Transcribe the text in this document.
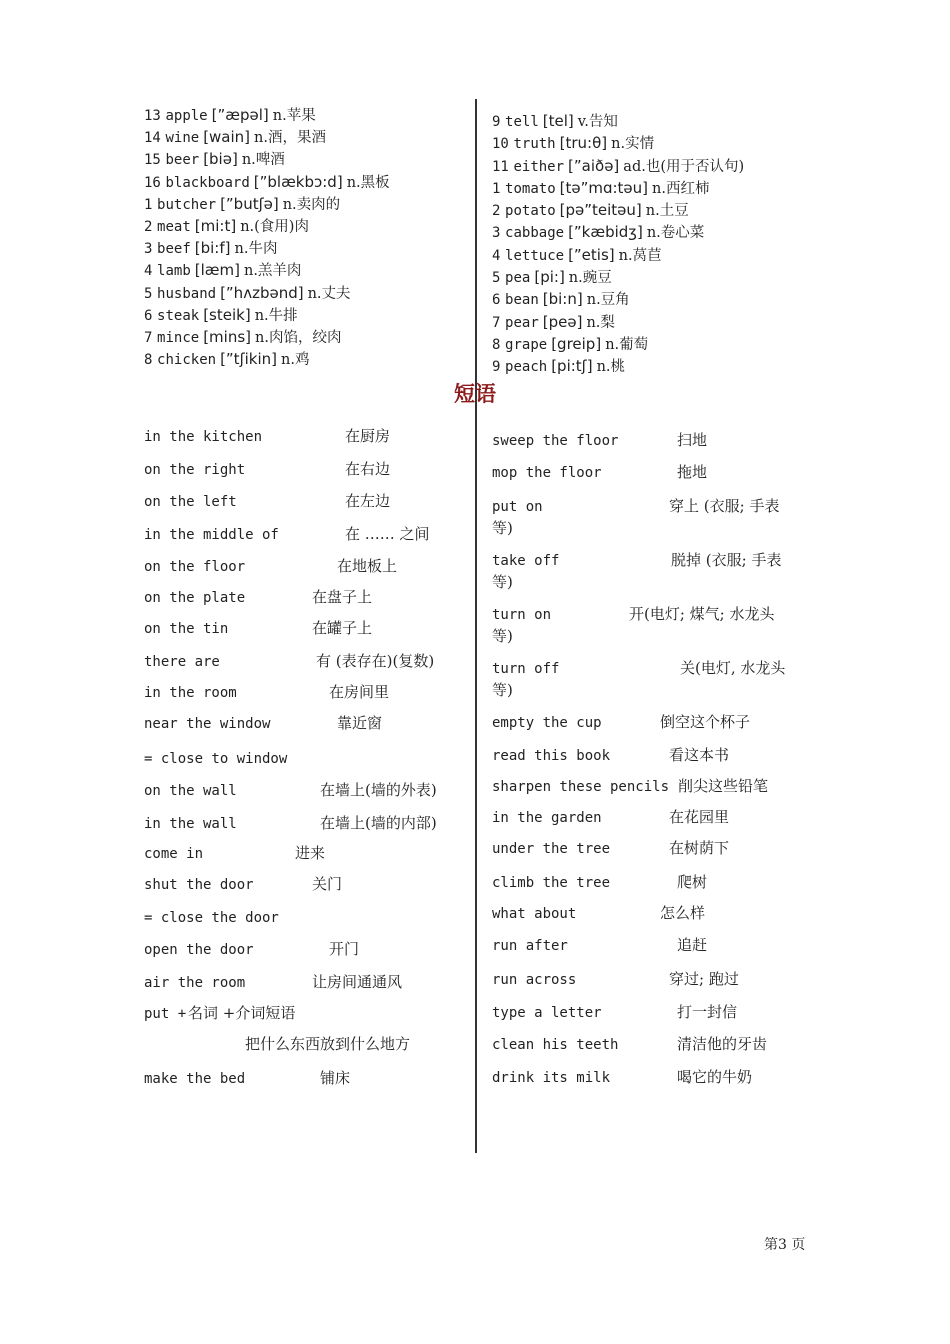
13 apple [”æpəl] n.苹果
14 wine [wain] n.酒，果酒
15 beer [biə] n.啤酒
16 blackboard [”blækbɔ:d] n.黑板
1 butcher [”butʃə] n.卖肉的
2 meat [mi:t] n.(食用)肉
3 beef [bi:f] n.牛肉
4 lamb [læm] n.羔羊肉
5 husband [”hʌzbənd] n.丈夫
6 steak [steik] n.牛排
7 mince [mins] n.肉馅，绞肉
8 chicken [”tʃikin] n.鸡
9 tell [tel] v.告知
10 truth [tru:θ] n.实情
11 either [”aiðə] ad.也(用于否认句)
1 tomato [tə”mɑ:təu] n.西红柿
2 potato [pə”teitəu] n.土豆
3 cabbage [”kæbidʒ] n.卷心菜
4 lettuce [”etis] n.莴苣
5 pea [pi:] n.豌豆
6 bean [bi:n] n.豆角
7 pear [peə] n.梨
8 grape [greip] n.葡萄
9 peach [pi:tʃ] n.桃
短语
in the kitchen	在厨房
on the right	在右边
on the left	在左边
in the middle of	在 …… 之间
on the floor	在地板上
on the plate	在盘子上
on the tin	在罐子上
there are	有 (表存在)(复数)
in the room	在房间里
near the window	靠近窗
= close to window
on the wall	在墙上(墙的外表)
in the wall	在墙上(墙的内部)
come in	进来
shut the door	关门
= close the door
open the door	开门
air the room	让房间通通风
put + 名词 +介词短语
把什么东西放到什么地方
make the bed	铺床
sweep the floor	扫地
mop the floor	拖地
put on	穿上 (衣服; 手表
等)
take off	脱掉 (衣服; 手表
等)
turn on	开(电灯; 煤气; 水龙头
等)
turn off	关(电灯, 水龙头
等)
empty the cup	倒空这个杯子
read this book	看这本书
sharpen these pencils 削尖这些铅笔
in the garden	在花园里
under the tree	在树荫下
climb the tree	爬树
what about	怎么样
run after	追赶
run across	穿过; 跑过
type a letter	打一封信
clean his teeth	清洁他的牙齿
drink its milk	喝它的牛奶
第3 页
